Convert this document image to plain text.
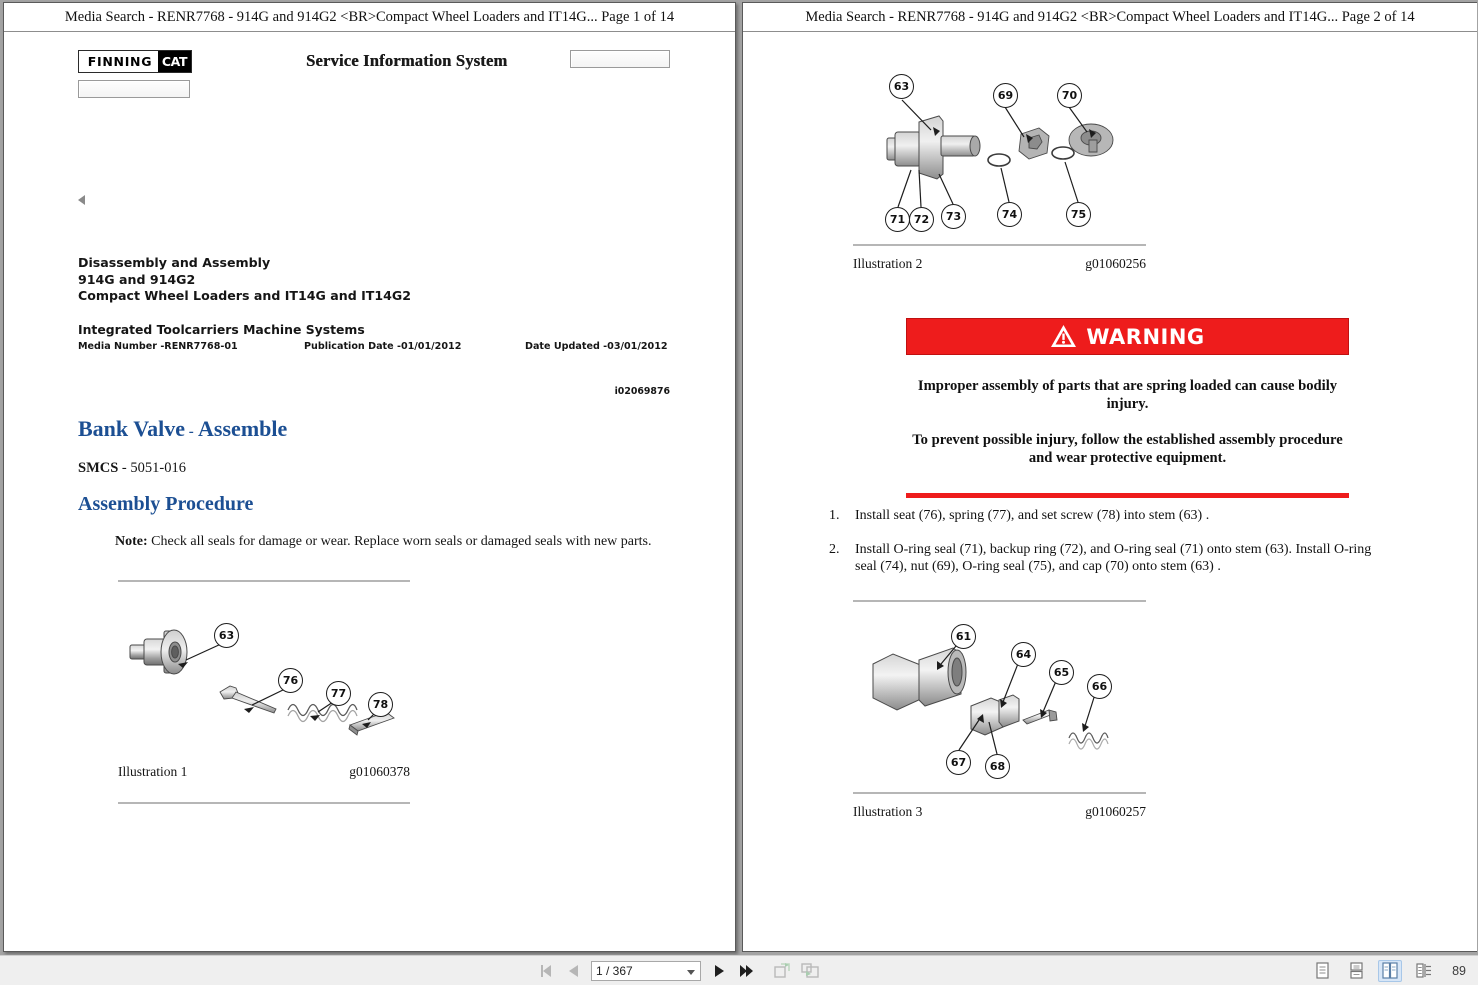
Media Search - RENR7768 - 914G and 914G2 <BR>Compact Wheel Loaders and IT14G... Page 1 of 14
FINNING CAT	Service Information System
Disassembly and Assembly
914G and 914G2
Compact Wheel Loaders and IT14G and IT14G2
Integrated Toolcarriers Machine Systems
Media Number -RENR7768-01	Publication Date -01/01/2012	Date Updated -03/01/2012
i02069876
Bank Valve - Assemble
SMCS - 5051-016
Assembly Procedure
Note: Check all seals for damage or wear. Replace worn seals or damaged seals with new parts.
63
76
77
78
Illustration 1	g01060378
Media Search - RENR7768 - 914G and 914G2 <BR>Compact Wheel Loaders and IT14G... Page 2 of 14
63
69	70
71 72	73	74	75
Illustration 2	g01060256
WARNING

Improper assembly of parts that are spring loaded can cause bodily injury.

To prevent possible injury, follow the established assembly procedure and wear protective equipment.

1.	Install seat (76), spring (77), and set screw (78) into stem (63) .
2.	Install O-ring seal (71), backup ring (72), and O-ring seal (71) onto stem (63). Install O-ring seal (74), nut (69), O-ring seal (75), and cap (70) onto stem (63) .
61
64
65
66
67	68
Illustration 3	g01060257
1 / 367	89
